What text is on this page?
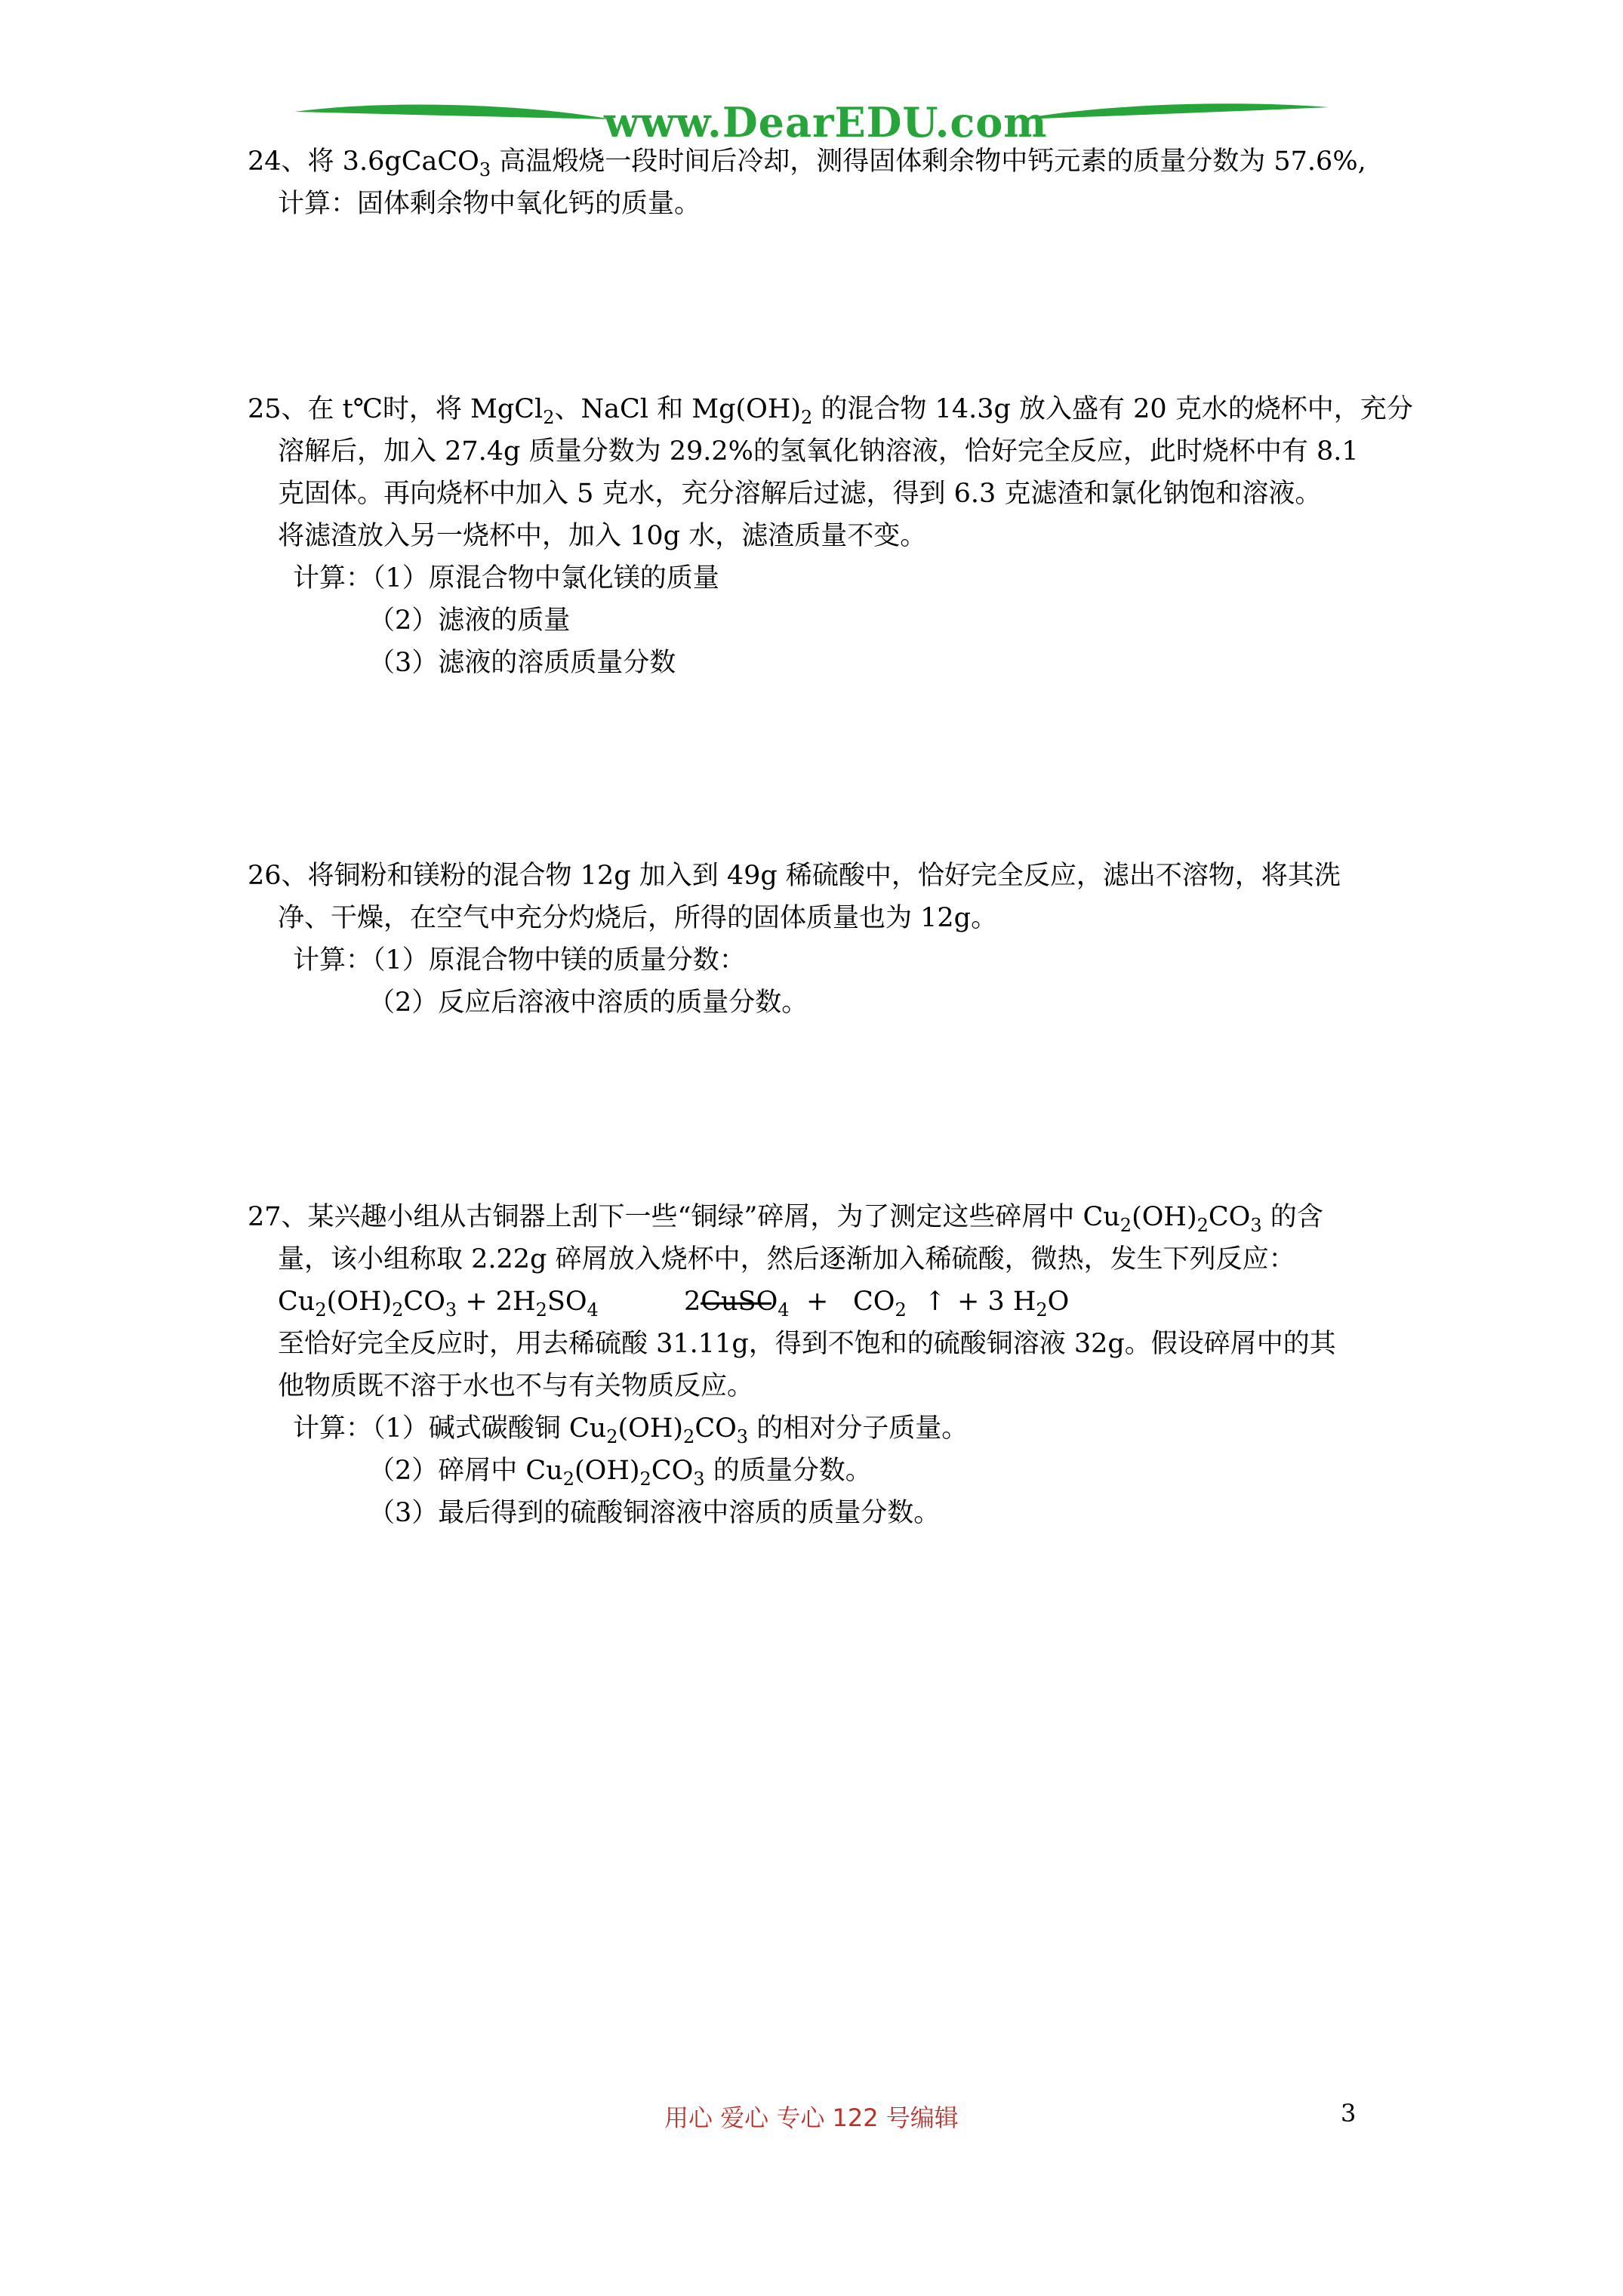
www.DearEDU.com
24、将 3.6gCaCO$_3$ 高温煅烧一段时间后冷却，测得固体剩余物中钙元素的质量分数为 57.6%,
计算：固体剩余物中氧化钙的质量。
25、在 t℃时，将 MgCl$_2$、NaCl 和 $Mg(OH)_2$ 的混合物 14.3g 放入盛有 20 克水的烧杯中，充分
溶解后，加入 27.4g 质量分数为 29.2%的氢氧化钠溶液，恰好完全反应，此时烧杯中有 8.1
克固体。再向烧杯中加入 5 克水，充分溶解后过滤，得到 6.3 克滤渣和氯化钠饱和溶液。
将滤渣放入另一烧杯中，加入 10g 水，滤渣质量不变。
计算：（1）原混合物中氯化镁的质量
（2）滤液的质量
（3）滤液的溶质质量分数
26、将铜粉和镁粉的混合物 12g 加入到 49g 稀硫酸中，恰好完全反应，滤出不溶物，将其洗
净、干燥，在空气中充分灼烧后，所得的固体质量也为 12g。
计算：（1）原混合物中镁的质量分数：
（2）反应后溶液中溶质的质量分数。
27、某兴趣小组从古铜器上刮下一些“铜绿”碎屑，为了测定这些碎屑中 $Cu_2(OH)_2CO_3$ 的含
量，该小组称取 2.22g 碎屑放入烧杯中，然后逐渐加入稀硫酸，微热，发生下列反应：
$Cu_2(OH)_2CO_3 + 2H_2SO_4$	2CuSO$_4$ + $CO_2$ ↑ + 3 $H_2O$
至恰好完全反应时，用去稀硫酸 31.11g，得到不饱和的硫酸铜溶液 32g。假设碎屑中的其
他物质既不溶于水也不与有关物质反应。
计算：（1）碱式碳酸铜 $Cu_2(OH)_2CO_3$ 的相对分子质量。
（2）碎屑中 $Cu_2(OH)_2CO_3$ 的质量分数。
（3）最后得到的硫酸铜溶液中溶质的质量分数。
用心 爱心 专心 122 号编辑	3
